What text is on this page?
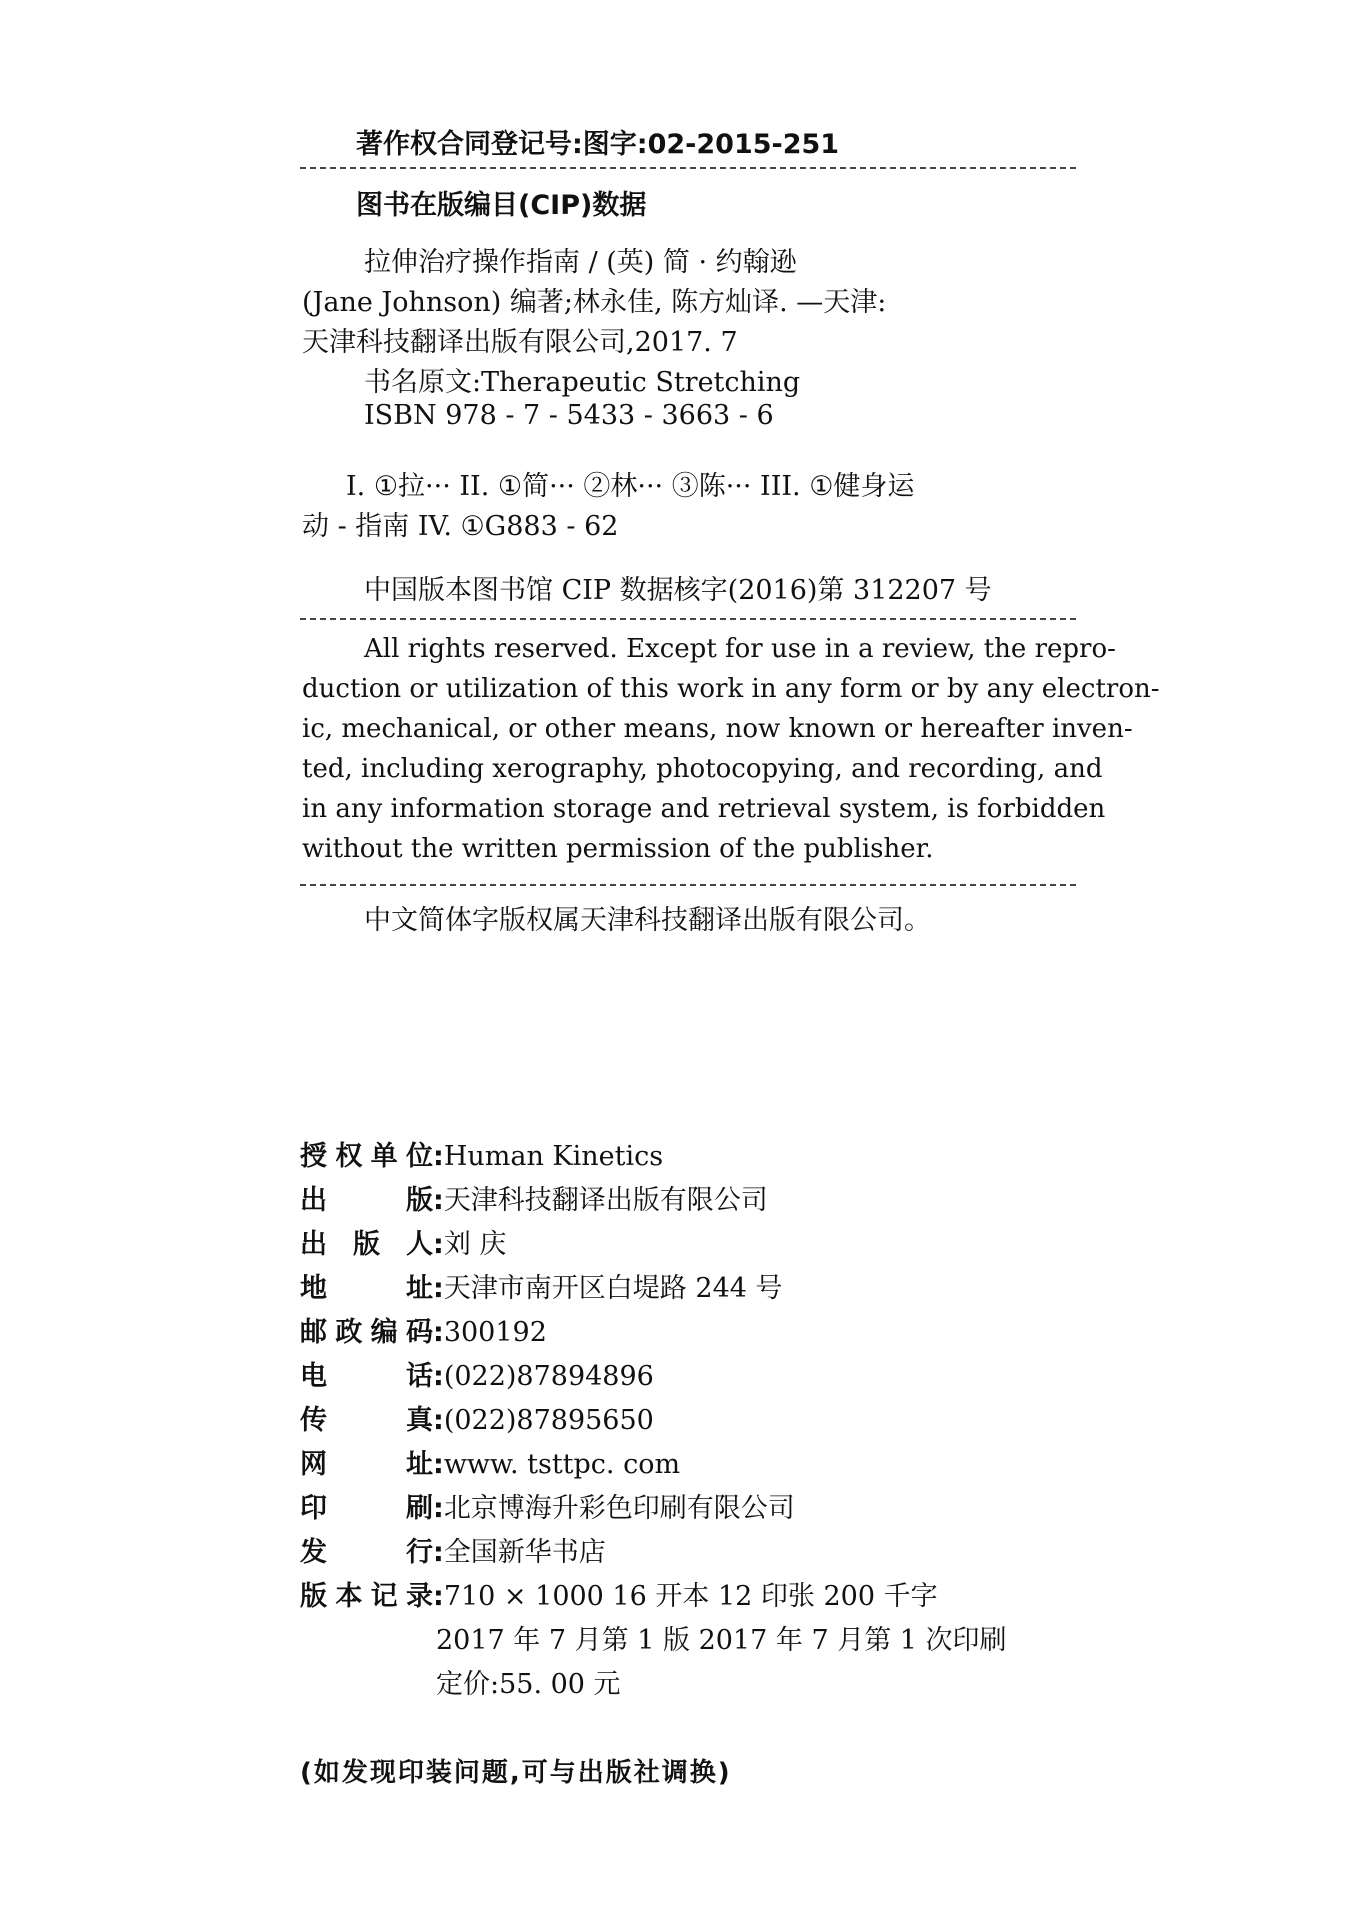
著作权合同登记号:图字:02-2015-251
图书在版编目(CIP)数据
拉伸治疗操作指南 / (英) 简 · 约翰逊
(Jane Johnson) 编著;林永佳, 陈方灿译. —天津:
天津科技翻译出版有限公司,2017. 7
书名原文:Therapeutic Stretching
ISBN 978 - 7 - 5433 - 3663 - 6
I. ①拉··· II. ①简··· ②林··· ③陈··· III. ①健身运
动 - 指南 IV. ①G883 - 62
中国版本图书馆 CIP 数据核字(2016)第 312207 号
All rights reserved. Except for use in a review, the repro-
duction or utilization of this work in any form or by any electron-
ic, mechanical, or other means, now known or hereafter inven-
ted, including xerography, photocopying, and recording, and
in any information storage and retrieval system, is forbidden
without the written permission of the publisher.
中文简体字版权属天津科技翻译出版有限公司。
授权单位:Human Kinetics
出版:天津科技翻译出版有限公司
出版人:刘 庆
地址:天津市南开区白堤路 244 号
邮政编码:300192
电话:(022)87894896
传真:(022)87895650
网址:www. tsttpc. com
印刷:北京博海升彩色印刷有限公司
发行:全国新华书店
版本记录:710 × 1000 16 开本 12 印张 200 千字
2017 年 7 月第 1 版 2017 年 7 月第 1 次印刷
定价:55. 00 元
(如发现印装问题,可与出版社调换)
